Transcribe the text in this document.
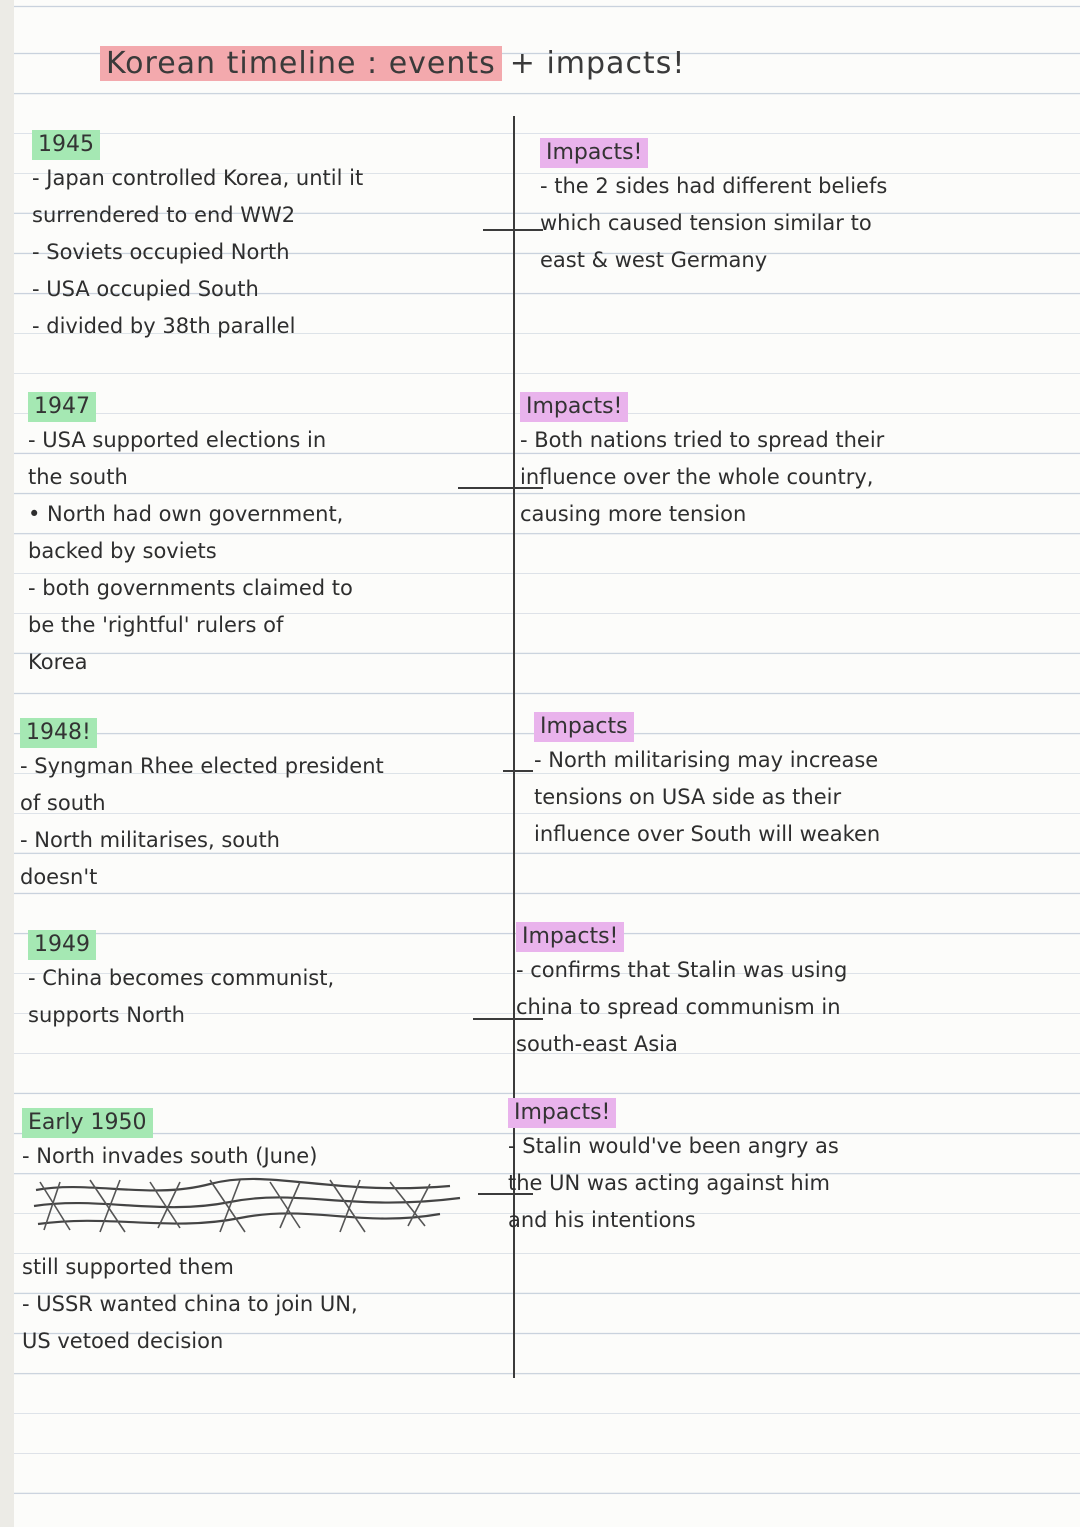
Korean timeline : events + impacts!
1945
- Japan controlled Korea, until it
surrendered to end WW2
- Soviets occupied North
- USA occupied South
- divided by 38th parallel
1947
- USA supported elections in
the south
• North had own government,
backed by soviets
- both governments claimed to
be the 'rightful' rulers of
Korea
1948!
- Syngman Rhee elected president
of south
- North militarises, south
doesn't
1949
- China becomes communist,
supports North
Early 1950
- North invades south (June)

still supported them
- USSR wanted china to join UN,
US vetoed decision
Impacts!
- the 2 sides had different beliefs
which caused tension similar to
east & west Germany
Impacts!
- Both nations tried to spread their
influence over the whole country,
causing more tension
Impacts
- North militarising may increase
tensions on USA side as their
influence over South will weaken
Impacts!
- confirms that Stalin was using
china to spread communism in
south-east Asia
Impacts!
- Stalin would've been angry as
the UN was acting against him
and his intentions
